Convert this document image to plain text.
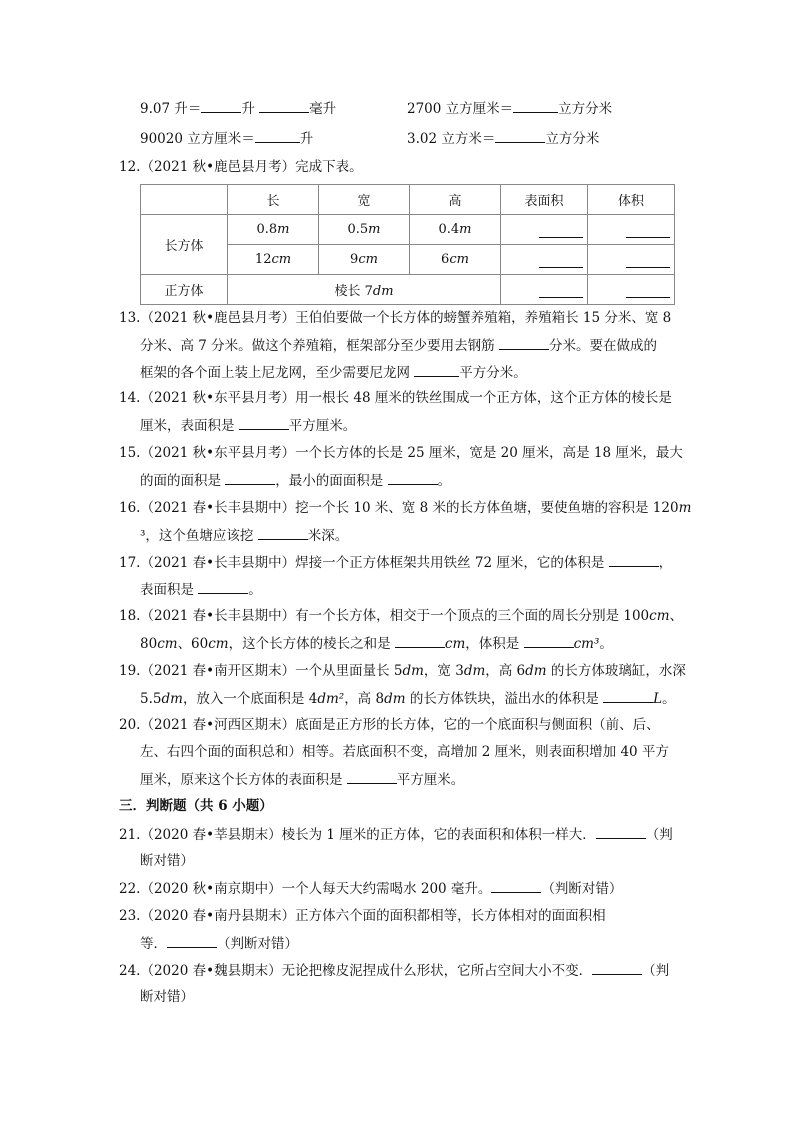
9.07 升＝	升	毫升	2700 立方厘米＝	立方分米
90020 立方厘米＝	升	3.02 立方米＝	立方分米
12.（2021 秋•鹿邑县月考）完成下表。
	长	宽	高	表面积	体积
长方体	0.8m	0.5m	0.4m	

	12cm	9cm	6cm	

正方体	棱长 7dm			

13.（2021 秋•鹿邑县月考）王伯伯要做一个长方体的螃蟹养殖箱，养殖箱长 15 分米、宽 8
分米、高 7 分米。做这个养殖箱，框架部分至少要用去钢筋	分米。要在做成的
框架的各个面上装上尼龙网，至少需要尼龙网	平方分米。
14.（2021 秋•东平县月考）用一根长 48 厘米的铁丝围成一个正方体，这个正方体的棱长是
厘米，表面积是	平方厘米。
15.（2021 秋•东平县月考）一个长方体的长是 25 厘米，宽是 20 厘米，高是 18 厘米，最大
的面的面积是	，最小的面面积是	。
16.（2021 春•长丰县期中）挖一个长 10 米、宽 8 米的长方体鱼塘，要使鱼塘的容积是 120m
³，这个鱼塘应该挖	米深。
17.（2021 春•长丰县期中）焊接一个正方体框架共用铁丝 72 厘米，它的体积是	，
表面积是	。
18.（2021 春•长丰县期中）有一个长方体，相交于一个顶点的三个面的周长分别是 100cm、
80cm、60cm，这个长方体的棱长之和是	cm，体积是	cm³。
19.（2021 春•南开区期末）一个从里面量长 5dm，宽 3dm，高 6dm 的长方体玻璃缸，水深
5.5dm，放入一个底面积是 4dm²，高 8dm 的长方体铁块，溢出水的体积是	L。
20.（2021 春•河西区期末）底面是正方形的长方体，它的一个底面积与侧面积（前、后、
左、右四个面的面积总和）相等。若底面积不变，高增加 2 厘米，则表面积增加 40 平方
厘米，原来这个长方体的表面积是	平方厘米。
三．判断题（共 6 小题）
21.（2020 春•莘县期末）棱长为 1 厘米的正方体，它的表面积和体积一样大．	（判
断对错）
22.（2020 秋•南京期中）一个人每天大约需喝水 200 毫升。	（判断对错）
23.（2020 春•南丹县期末）正方体六个面的面积都相等，长方体相对的面面积相
等．	（判断对错）
24.（2020 春•魏县期末）无论把橡皮泥捏成什么形状，它所占空间大小不变．	（判
断对错）
